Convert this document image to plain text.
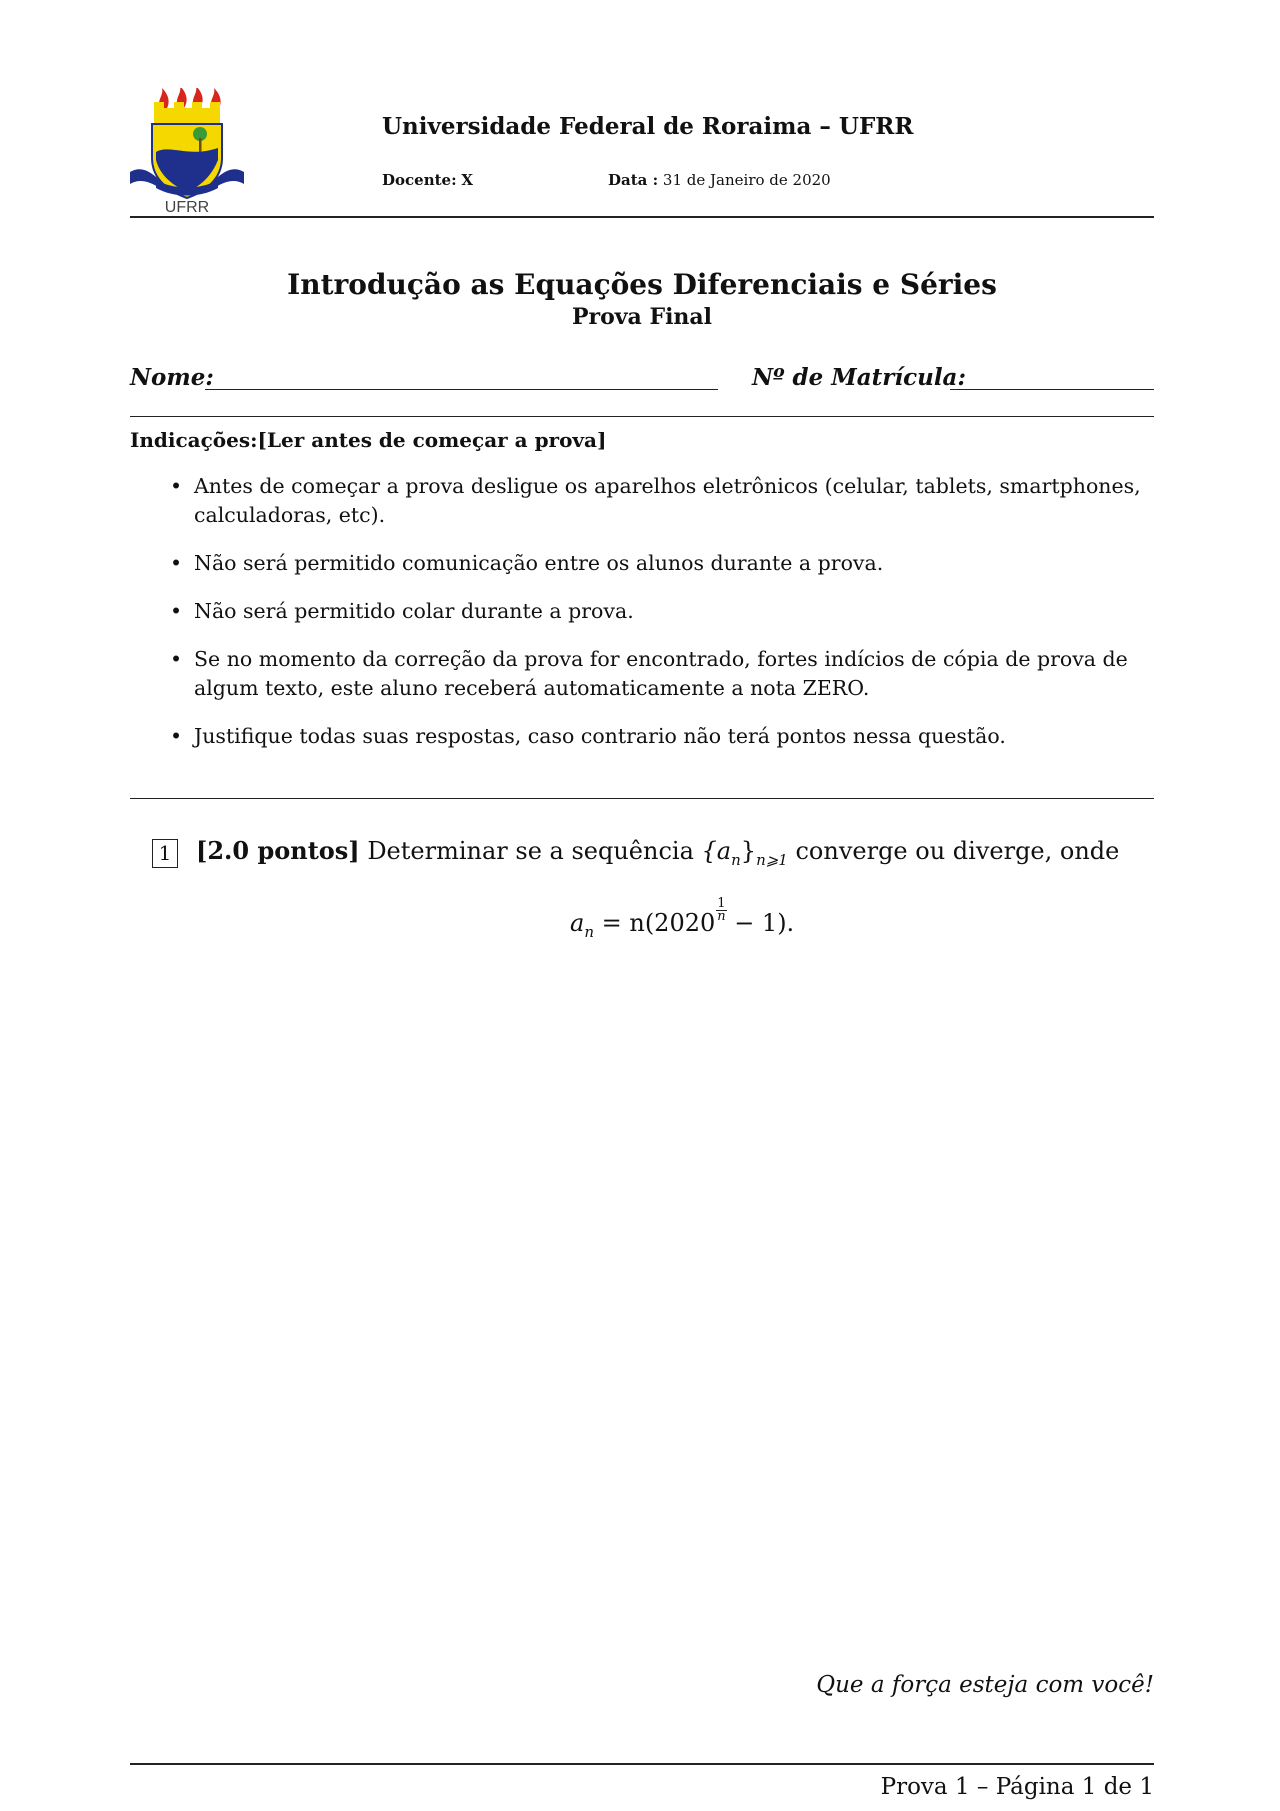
UFRR
Universidade Federal de Roraima – UFRR
Docente: X	Data : 31 de Janeiro de 2020
Introdução as Equações Diferenciais e Séries
Prova Final
Nome:	Nº de Matrícula:
Indicações:[Ler antes de começar a prova]
• Antes de começar a prova desligue os aparelhos eletrônicos (celular, tablets, smartphones, calculadoras, etc).
• Não será permitido comunicação entre os alunos durante a prova.
• Não será permitido colar durante a prova.
• Se no momento da correção da prova for encontrado, fortes indícios de cópia de prova de algum texto, este aluno receberá automaticamente a nota ZERO.
• Justifique todas suas respostas, caso contrario não terá pontos nessa questão.
1 [2.0 pontos] Determinar se a sequência $\{a_n\}_{n⩾1}$ converge ou diverge, onde
$a_n = n(2020 \frac{1}{n} - 1)$.
Que a força esteja com você!
Prova 1 – Página 1 de 1
